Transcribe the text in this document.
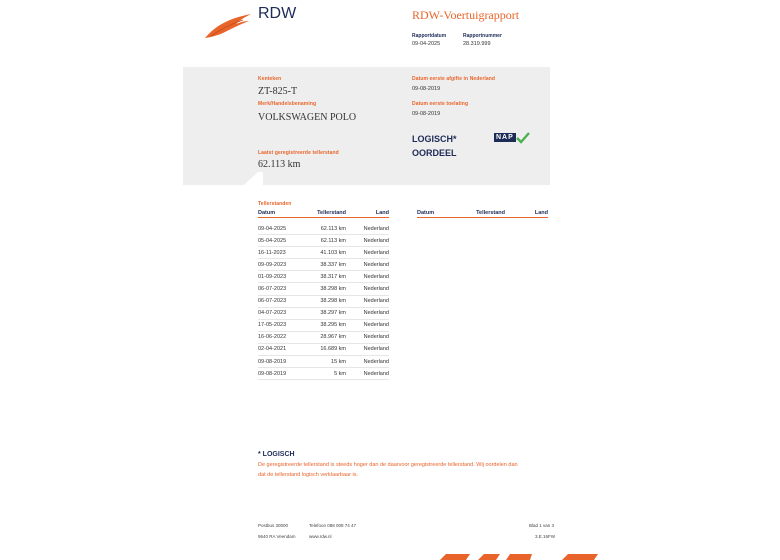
RDW	RDW-Voertuigrapport
Rapportdatum
09-04-2025
Rapportnummer
28.319.999
Kenteken
ZT-825-T
Merk/Handelsbenaming
VOLKSWAGEN POLO
Datum eerste afgifte in Nederland
09-08-2019
Datum eerste toelating
09-08-2019
LOGISCH*
OORDEEL
NAP
Laatst geregistreerde tellerstand
62.113 km
Tellerstanden
Datum	Tellerstand	Land
09-04-2025	62.113 km	Nederland
05-04-2025	62.113 km	Nederland
16-11-2023	41.103 km	Nederland
09-09-2023	38.337 km	Nederland
01-09-2023	38.317 km	Nederland
06-07-2023	38.298 km	Nederland
06-07-2023	38.298 km	Nederland
04-07-2023	38.297 km	Nederland
17-05-2023	38.295 km	Nederland
16-06-2022	28.967 km	Nederland
02-04-2021	16.689 km	Nederland
09-08-2019	15 km	Nederland
09-08-2019	5 km	Nederland
Datum	Tellerstand	Land
* LOGISCH
De geregistreerde tellerstand is steeds hoger dan de daarvoor geregistreerde tellerstand. Wij oordelen dan
dat de tellerstand logisch verklaarbaar is.
Postbus 30000
9640 RA Veendam
Telefoon 088 008 74 47
www.rdw.nl
Blad 1 van 3
3.E.16FW
